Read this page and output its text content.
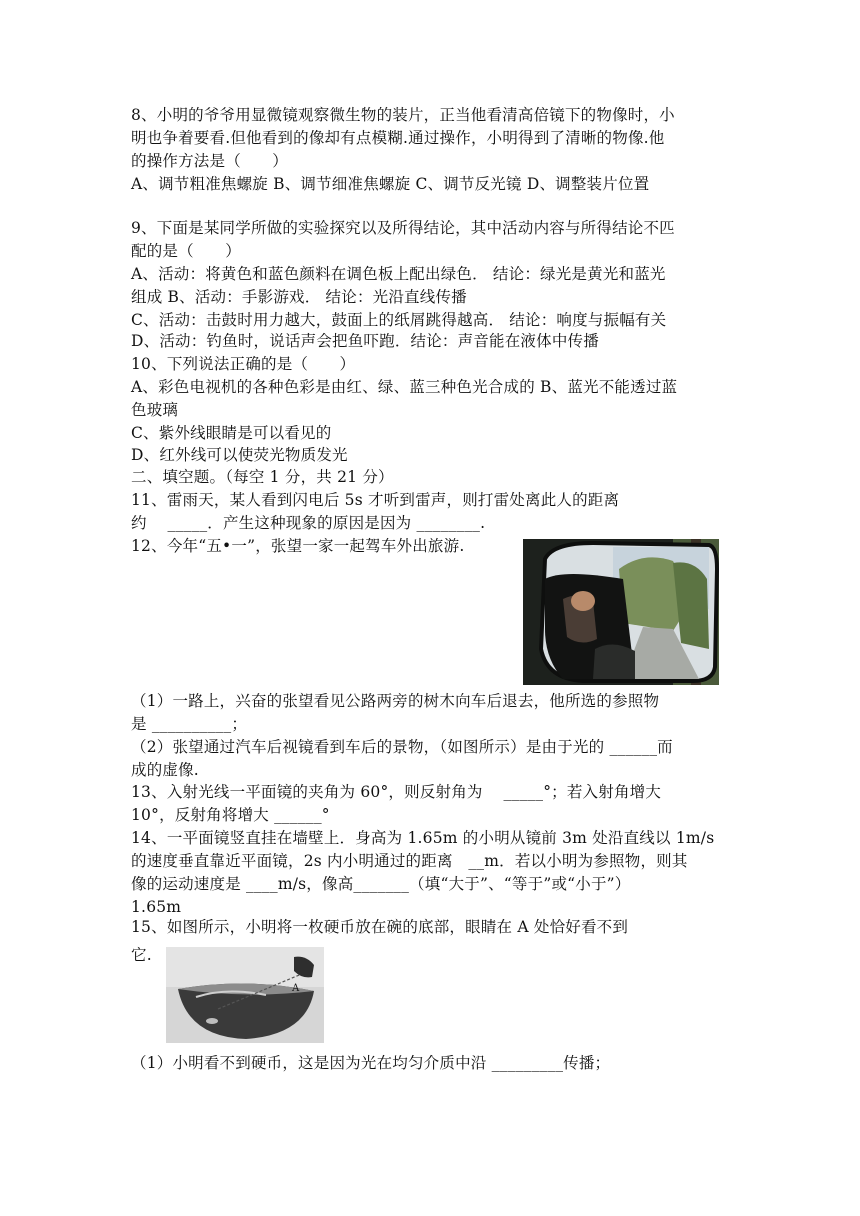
8、小明的爷爷用显微镜观察微生物的装片，正当他看清高倍镜下的物像时，小
明也争着要看.但他看到的像却有点模糊.通过操作，小明得到了清晰的物像.他
的操作方法是（　　）
A、调节粗准焦螺旋 B、调节细准焦螺旋 C、调节反光镜 D、调整装片位置
9、下面是某同学所做的实验探究以及所得结论，其中活动内容与所得结论不匹
配的是（　　）
A、活动：将黄色和蓝色颜料在调色板上配出绿色． 结论：绿光是黄光和蓝光
组成 B、活动：手影游戏． 结论：光沿直线传播
C、活动：击鼓时用力越大，鼓面上的纸屑跳得越高． 结论：响度与振幅有关
D、活动：钓鱼时，说话声会把鱼吓跑．结论：声音能在液体中传播
10、下列说法正确的是（　　）
A、彩色电视机的各种色彩是由红、绿、蓝三种色光合成的 B、蓝光不能透过蓝
色玻璃
C、紫外线眼睛是可以看见的
D、红外线可以使荧光物质发光
二、填空题。（每空 1 分，共 21 分）
11、雷雨天，某人看到闪电后 5s 才听到雷声，则打雷处离此人的距离
约　 _____．产生这种现象的原因是因为 ________.
12、今年“五•一”，张望一家一起驾车外出旅游.
（1）一路上，兴奋的张望看见公路两旁的树木向车后退去，他所选的参照物
是 __________；
（2）张望通过汽车后视镜看到车后的景物，（如图所示）是由于光的 ______而
成的虚像.
13、入射光线一平面镜的夹角为 60°，则反射角为　 _____°；若入射角增大
10°，反射角将增大 ______°
14、一平面镜竖直挂在墙壁上．身高为 1.65m 的小明从镜前 3m 处沿直线以 1m/s
的速度垂直靠近平面镜，2s 内小明通过的距离　__m．若以小明为参照物，则其
像的运动速度是 ____m/s，像高_______（填“大于”、“等于”或“小于”）
1.65m
15、如图所示，小明将一枚硬币放在碗的底部，眼睛在 A 处恰好看不到
它.
A
（1）小明看不到硬币，这是因为光在均匀介质中沿 _________传播；
